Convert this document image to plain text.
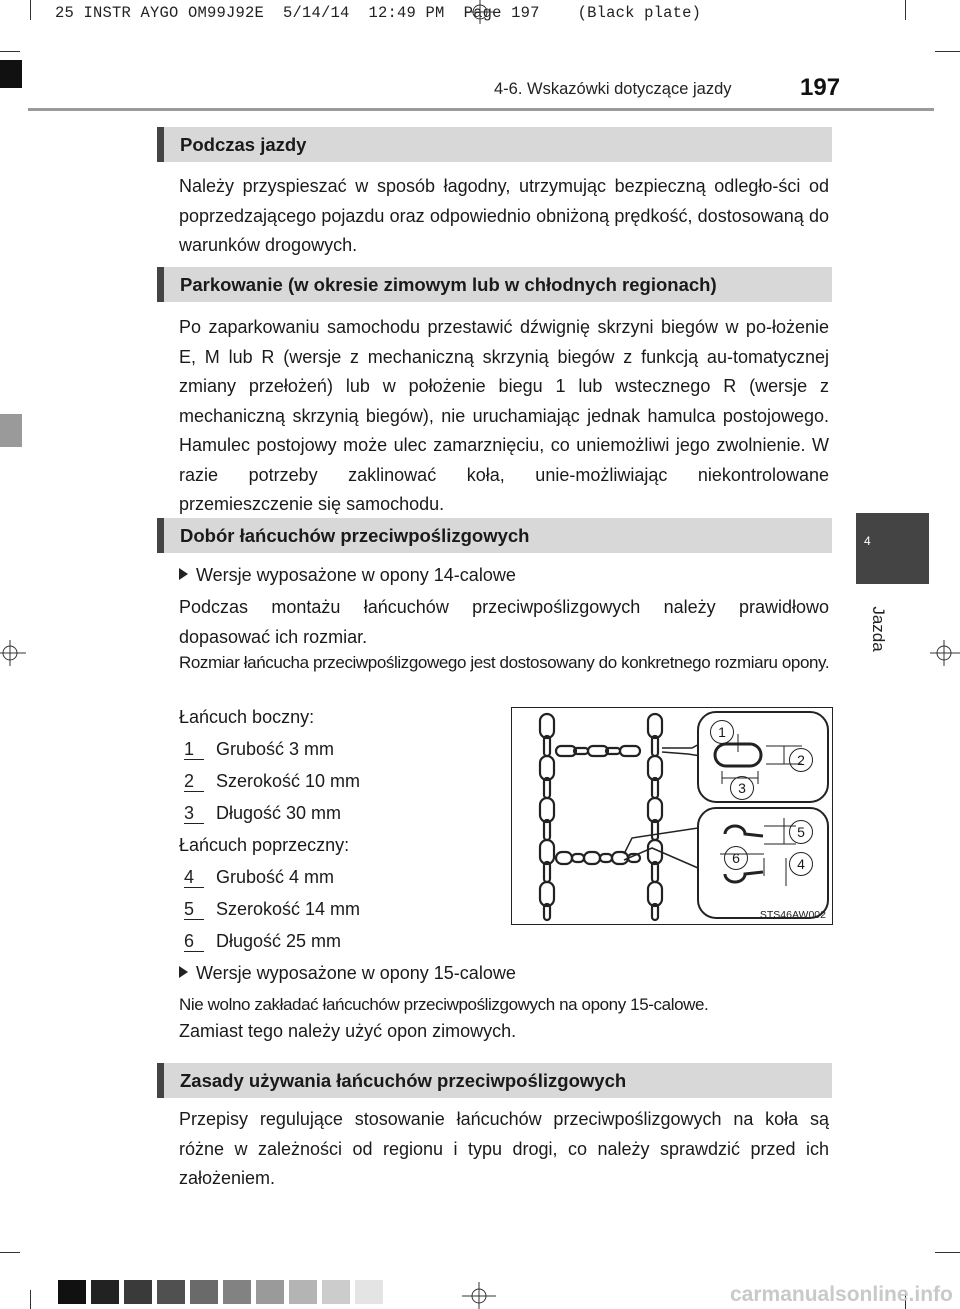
25 INSTR AYGO OM99J92E  5/14/14  12:49 PM  Page 197    (Black plate)
4-6. Wskazówki dotyczące jazdy	197
4
Jazda
Podczas jazdy
Należy przyspieszać w sposób łagodny, utrzymując bezpieczną odległo-ści od poprzedzającego pojazdu oraz odpowiednio obniżoną prędkość, dostosowaną do warunków drogowych.
Parkowanie (w okresie zimowym lub w chłodnych regionach)
Po zaparkowaniu samochodu przestawić dźwignię skrzyni biegów w po-łożenie E, M lub R (wersje z mechaniczną skrzynią biegów z funkcją au-tomatycznej zmiany przełożeń) lub w położenie biegu 1 lub wstecznego R (wersje z mechaniczną skrzynią biegów), nie uruchamiając jednak hamulca postojowego. Hamulec postojowy może ulec zamarznięciu, co uniemożliwi jego zwolnienie. W razie potrzeby zaklinować koła, unie-możliwiając niekontrolowane przemieszczenie się samochodu.
Dobór łańcuchów przeciwpoślizgowych
Wersje wyposażone w opony 14-calowe
Podczas montażu łańcuchów przeciwpoślizgowych należy prawidłowo dopasować ich rozmiar.
Rozmiar łańcucha przeciwpoślizgowego jest dostosowany do konkretnego rozmiaru opony.
Łańcuch boczny:
1	Grubość 3 mm
2	Szerokość 10 mm
3	Długość 30 mm
Łańcuch poprzeczny:
4	Grubość 4 mm
5	Szerokość 14 mm
6	Długość 25 mm
1
2
3
5
6	4
STS46AW002
Wersje wyposażone w opony 15-calowe
Nie wolno zakładać łańcuchów przeciwpoślizgowych na opony 15-calowe.
Zamiast tego należy użyć opon zimowych.
Zasady używania łańcuchów przeciwpoślizgowych
Przepisy regulujące stosowanie łańcuchów przeciwpoślizgowych na koła są różne w zależności od regionu i typu drogi, co należy sprawdzić przed ich założeniem.
carmanualsonline.info
